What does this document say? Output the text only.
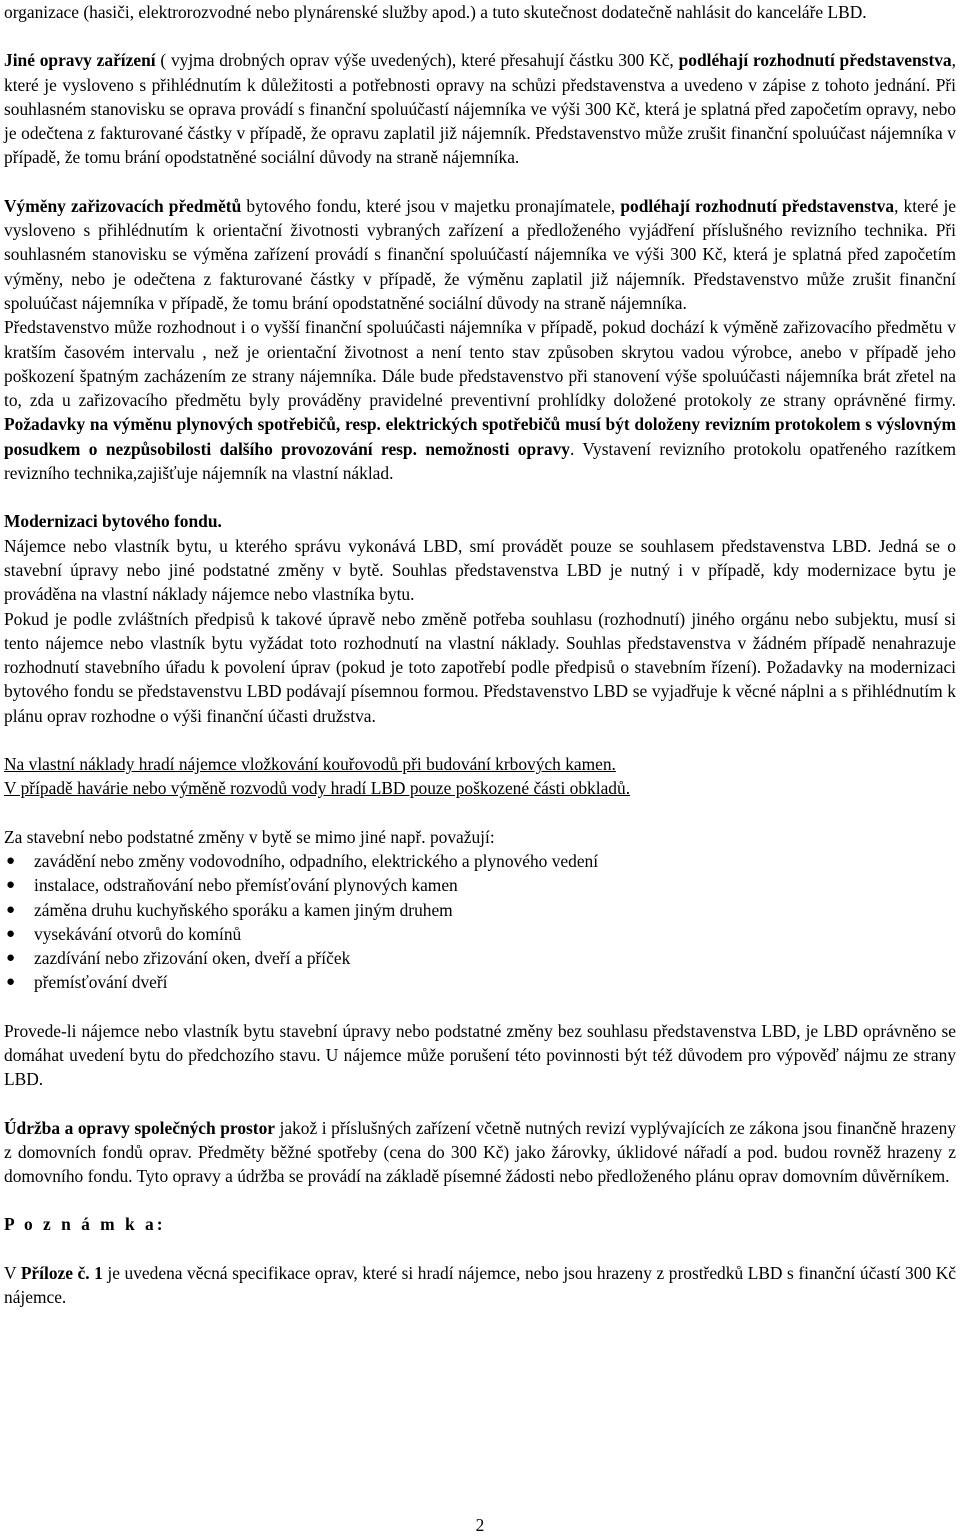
organizace (hasiči, elektrorozvodné nebo plynárenské služby apod.) a tuto skutečnost dodatečně nahlásit do kanceláře LBD.

Jiné opravy zařízení ( vyjma drobných oprav výše uvedených), které přesahují částku 300 Kč, podléhají rozhodnutí představenstva, které je vysloveno s přihlédnutím k důležitosti a potřebnosti opravy na schůzi představenstva a uvedeno v zápise z tohoto jednání. Při souhlasném stanovisku se oprava provádí s finanční spoluúčastí nájemníka ve výši 300 Kč, která je splatná před započetím opravy, nebo je odečtena z fakturované částky v případě, že opravu zaplatil již nájemník. Představenstvo může zrušit finanční spoluúčast nájemníka v případě, že tomu brání opodstatněné sociální důvody na straně nájemníka.

Výměny zařizovacích předmětů bytového fondu, které jsou v majetku pronajímatele, podléhají rozhodnutí představenstva, které je vysloveno s přihlédnutím k orientační životnosti vybraných zařízení a předloženého vyjádření příslušného revizního technika. Při souhlasném stanovisku se výměna zařízení provádí s finanční spoluúčastí nájemníka ve výši 300 Kč, která je splatná před započetím výměny, nebo je odečtena z fakturované částky v případě, že výměnu zaplatil již nájemník. Představenstvo může zrušit finanční spoluúčast nájemníka v případě, že tomu brání opodstatněné sociální důvody na straně nájemníka.

Představenstvo může rozhodnout i o vyšší finanční spoluúčasti nájemníka v případě, pokud dochází k výměně zařizovacího předmětu v kratším časovém intervalu , než je orientační životnost a není tento stav způsoben skrytou vadou výrobce, anebo v případě jeho poškození špatným zacházením ze strany nájemníka. Dále bude představenstvo při stanovení výše spoluúčasti nájemníka brát zřetel na to, zda u zařizovacího předmětu byly prováděny pravidelné preventivní prohlídky doložené protokoly ze strany oprávněné firmy. Požadavky na výměnu plynových spotřebičů, resp. elektrických spotřebičů musí být doloženy revizním protokolem s výslovným posudkem o nezpůsobilosti dalšího provozování resp. nemožnosti opravy. Vystavení revizního protokolu opatřeného razítkem revizního technika,zajišťuje nájemník na vlastní náklad.

Modernizaci bytového fondu.

Nájemce nebo vlastník bytu, u kterého správu vykonává LBD, smí provádět pouze se souhlasem představenstva LBD. Jedná se o stavební úpravy nebo jiné podstatné změny v bytě. Souhlas představenstva LBD je nutný i v případě, kdy modernizace bytu je prováděna na vlastní náklady nájemce nebo vlastníka bytu.

Pokud je podle zvláštních předpisů k takové úpravě nebo změně potřeba souhlasu (rozhodnutí) jiného orgánu nebo subjektu, musí si tento nájemce nebo vlastník bytu vyžádat toto rozhodnutí na vlastní náklady. Souhlas představenstva v žádném případě nenahrazuje rozhodnutí stavebního úřadu k povolení úprav (pokud je toto zapotřebí podle předpisů o stavebním řízení). Požadavky na modernizaci bytového fondu se představenstvu LBD podávají písemnou formou. Představenstvo LBD se vyjadřuje k věcné náplni a s přihlédnutím k plánu oprav rozhodne o výši finanční účasti družstva.

Na vlastní náklady hradí nájemce vložkování kouřovodů při budování krbových kamen.

V případě havárie nebo výměně rozvodů vody hradí LBD pouze poškozené části obkladů.

Za stavební nebo podstatné změny v bytě se mimo jiné např. považují:

● zavádění nebo změny vodovodního, odpadního, elektrického a plynového vedení
● instalace, odstraňování nebo přemísťování plynových kamen
● záměna druhu kuchyňského sporáku a kamen jiným druhem
● vysekávání otvorů do komínů
● zazdívání nebo zřizování oken, dveří a příček
● přemísťování dveří

Provede-li nájemce nebo vlastník bytu stavební úpravy nebo podstatné změny bez souhlasu představenstva LBD, je LBD oprávněno se domáhat uvedení bytu do předchozího stavu. U nájemce může porušení této povinnosti být též důvodem pro výpověď nájmu ze strany LBD.

Údržba a opravy společných prostor jakož i příslušných zařízení včetně nutných revizí vyplývajících ze zákona jsou finančně hrazeny z domovních fondů oprav. Předměty běžné spotřeby (cena do 300 Kč) jako žárovky, úklidové nářadí a pod. budou rovněž hrazeny z domovního fondu. Tyto opravy a údržba se provádí na základě písemné žádosti nebo předloženého plánu oprav domovním důvěrníkem.

P o z n á m k a:

V Příloze č. 1 je uvedena věcná specifikace oprav, které si hradí nájemce, nebo jsou hrazeny z prostředků LBD s finanční účastí 300 Kč nájemce.

2
